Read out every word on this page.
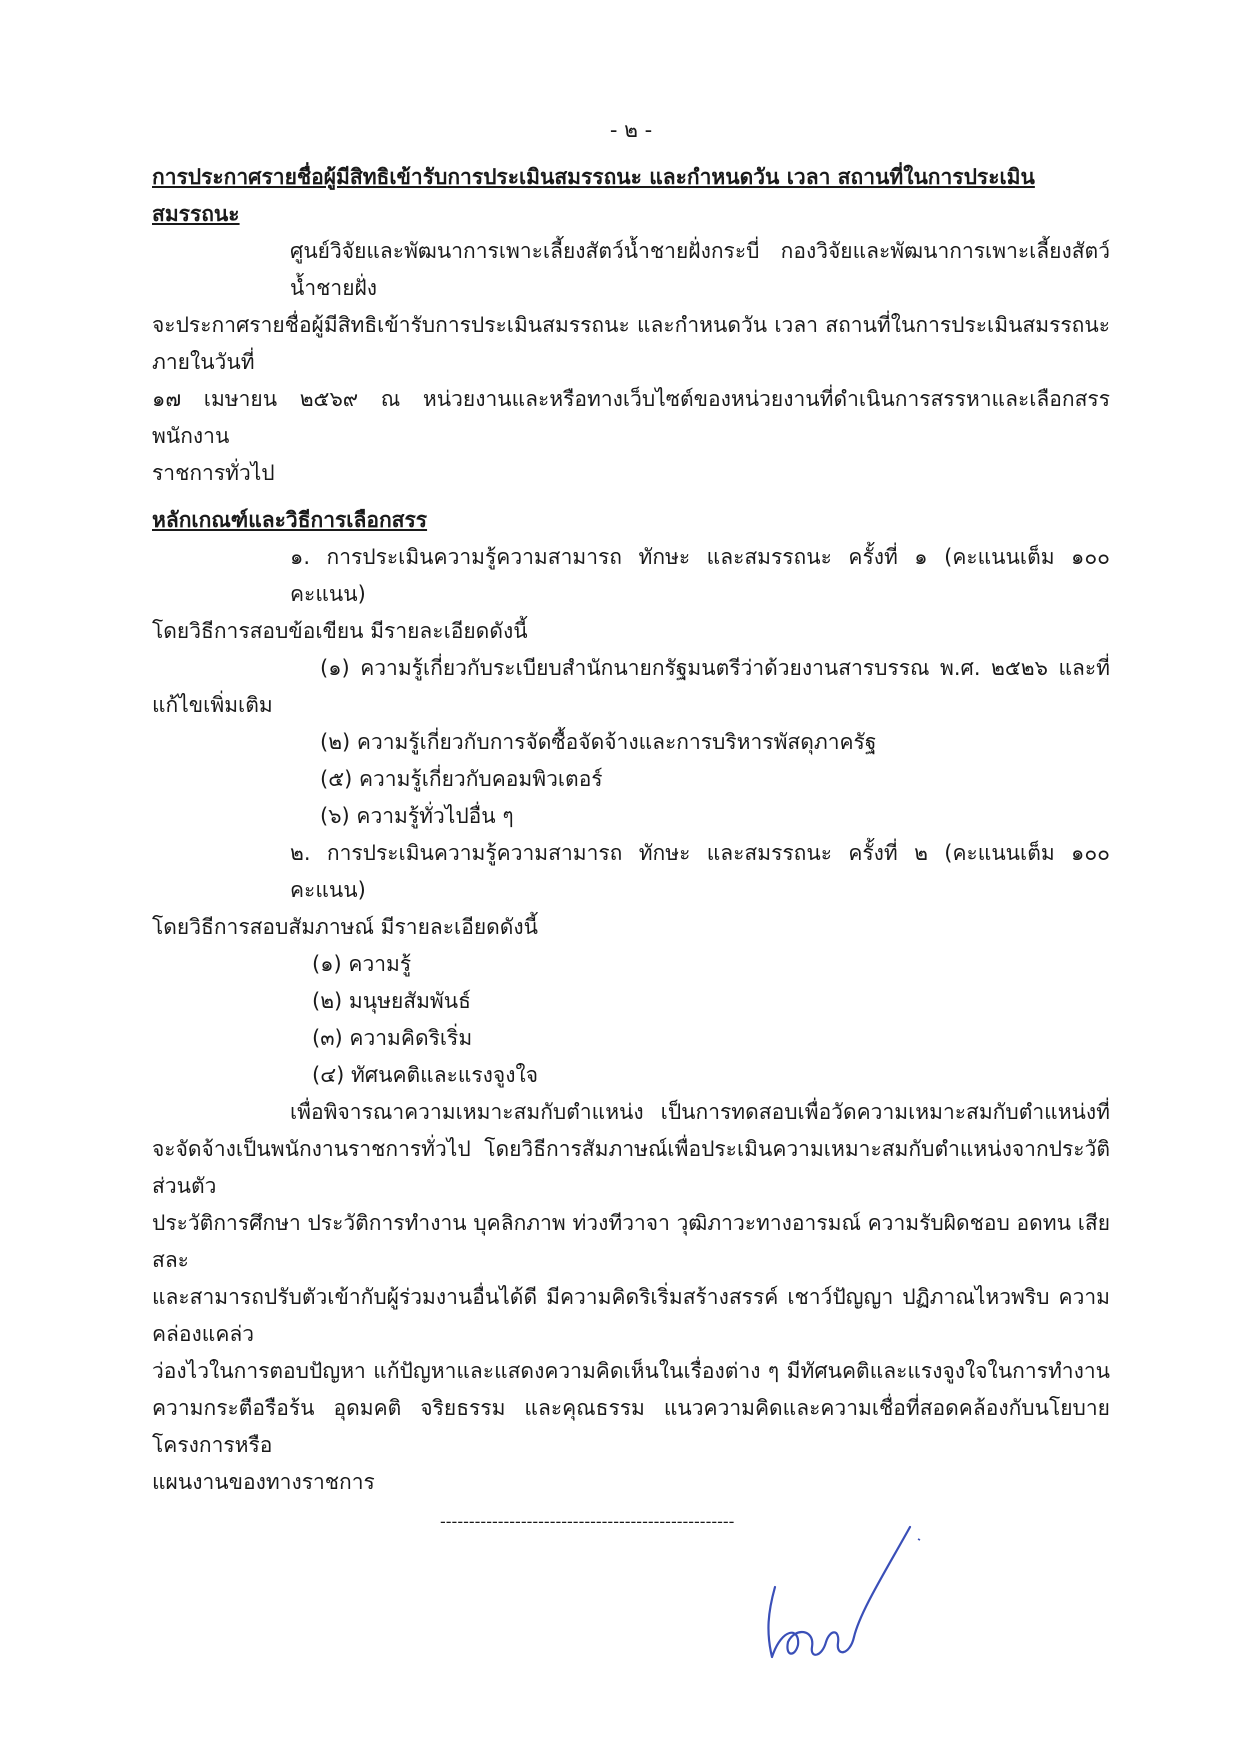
- ๒ -
การประกาศรายชื่อผู้มีสิทธิเข้ารับการประเมินสมรรถนะ และกำหนดวัน เวลา สถานที่ในการประเมินสมรรถนะ
ศูนย์วิจัยและพัฒนาการเพาะเลี้ยงสัตว์น้ำชายฝั่งกระบี่ กองวิจัยและพัฒนาการเพาะเลี้ยงสัตว์น้ำชายฝั่ง
จะประกาศรายชื่อผู้มีสิทธิเข้ารับการประเมินสมรรถนะ และกำหนดวัน เวลา สถานที่ในการประเมินสมรรถนะ ภายในวันที่
๑๗ เมษายน ๒๕๖๙ ณ หน่วยงานและหรือทางเว็บไซต์ของหน่วยงานที่ดำเนินการสรรหาและเลือกสรรพนักงาน
ราชการทั่วไป
หลักเกณฑ์และวิธีการเลือกสรร
๑. การประเมินความรู้ความสามารถ ทักษะ และสมรรถนะ ครั้งที่ ๑ (คะแนนเต็ม ๑๐๐ คะแนน)
โดยวิธีการสอบข้อเขียน มีรายละเอียดดังนี้
(๑) ความรู้เกี่ยวกับระเบียบสำนักนายกรัฐมนตรีว่าด้วยงานสารบรรณ พ.ศ. ๒๕๒๖ และที่
แก้ไขเพิ่มเติม
(๒) ความรู้เกี่ยวกับการจัดซื้อจัดจ้างและการบริหารพัสดุภาครัฐ
(๕) ความรู้เกี่ยวกับคอมพิวเตอร์
(๖) ความรู้ทั่วไปอื่น ๆ
๒. การประเมินความรู้ความสามารถ ทักษะ และสมรรถนะ ครั้งที่ ๒ (คะแนนเต็ม ๑๐๐ คะแนน)
โดยวิธีการสอบสัมภาษณ์ มีรายละเอียดดังนี้
(๑) ความรู้
(๒) มนุษยสัมพันธ์
(๓) ความคิดริเริ่ม
(๔) ทัศนคติและแรงจูงใจ
เพื่อพิจารณาความเหมาะสมกับตำแหน่ง เป็นการทดสอบเพื่อวัดความเหมาะสมกับตำแหน่งที่
จะจัดจ้างเป็นพนักงานราชการทั่วไป โดยวิธีการสัมภาษณ์เพื่อประเมินความเหมาะสมกับตำแหน่งจากประวัติส่วนตัว
ประวัติการศึกษา ประวัติการทำงาน บุคลิกภาพ ท่วงทีวาจา วุฒิภาวะทางอารมณ์ ความรับผิดชอบ อดทน เสียสละ
และสามารถปรับตัวเข้ากับผู้ร่วมงานอื่นได้ดี มีความคิดริเริ่มสร้างสรรค์ เชาว์ปัญญา ปฏิภาณไหวพริบ ความคล่องแคล่ว
ว่องไวในการตอบปัญหา แก้ปัญหาและแสดงความคิดเห็นในเรื่องต่าง ๆ มีทัศนคติและแรงจูงใจในการทำงาน
ความกระตือรือร้น อุดมคติ จริยธรรม และคุณธรรม แนวความคิดและความเชื่อที่สอดคล้องกับนโยบาย โครงการหรือ
แผนงานของทางราชการ
---------------------------------------------------
